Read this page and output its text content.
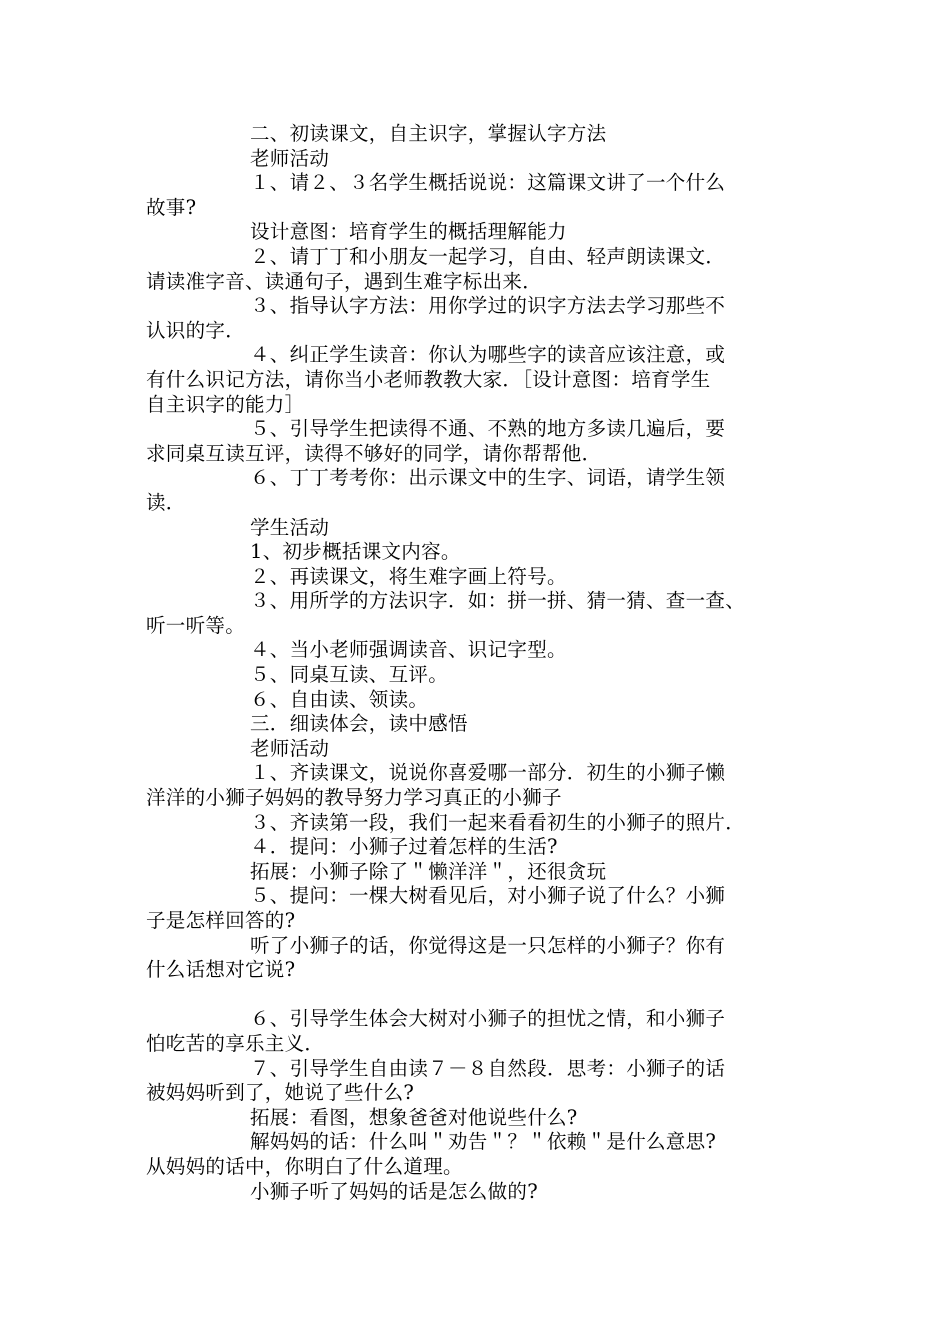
二、初读课文，自主识字，掌握认字方法
老师活动
１、请２、３名学生概括说说：这篇课文讲了一个什么
故事?
设计意图：培育学生的概括理解能力
２、请丁丁和小朋友一起学习，自由、轻声朗读课文．
请读准字音、读通句子，遇到生难字标出来．
３、指导认字方法：用你学过的识字方法去学习那些不
认识的字．
４、纠正学生读音：你认为哪些字的读音应该注意，或
有什么识记方法，请你当小老师教教大家．［设计意图：培育学生
自主识字的能力］
５、引导学生把读得不通、不熟的地方多读几遍后，要
求同桌互读互评，读得不够好的同学，请你帮帮他．
６、丁丁考考你：出示课文中的生字、词语，请学生领
读．
学生活动
1、初步概括课文内容。
２、再读课文，将生难字画上符号。
３、用所学的方法识字．如：拼一拼、猜一猜、查一查、
听一听等。
４、当小老师强调读音、识记字型。
５、同桌互读、互评。
６、自由读、领读。
三．细读体会，读中感悟
老师活动
１、齐读课文，说说你喜爱哪一部分．初生的小狮子懒
洋洋的小狮子妈妈的教导努力学习真正的小狮子
３、齐读第一段，我们一起来看看初生的小狮子的照片．
４．提问：小狮子过着怎样的生活?
拓展：小狮子除了＂懒洋洋＂，还很贪玩
５、提问：一棵大树看见后，对小狮子说了什么？小狮
子是怎样回答的?
听了小狮子的话，你觉得这是一只怎样的小狮子？你有
什么话想对它说?
６、引导学生体会大树对小狮子的担忧之情，和小狮子
怕吃苦的享乐主义．
７、引导学生自由读７－８自然段．思考：小狮子的话
被妈妈听到了，她说了些什么?
拓展：看图，想象爸爸对他说些什么?
解妈妈的话：什么叫＂劝告＂？＂依赖＂是什么意思?
从妈妈的话中，你明白了什么道理。
小狮子听了妈妈的话是怎么做的?
